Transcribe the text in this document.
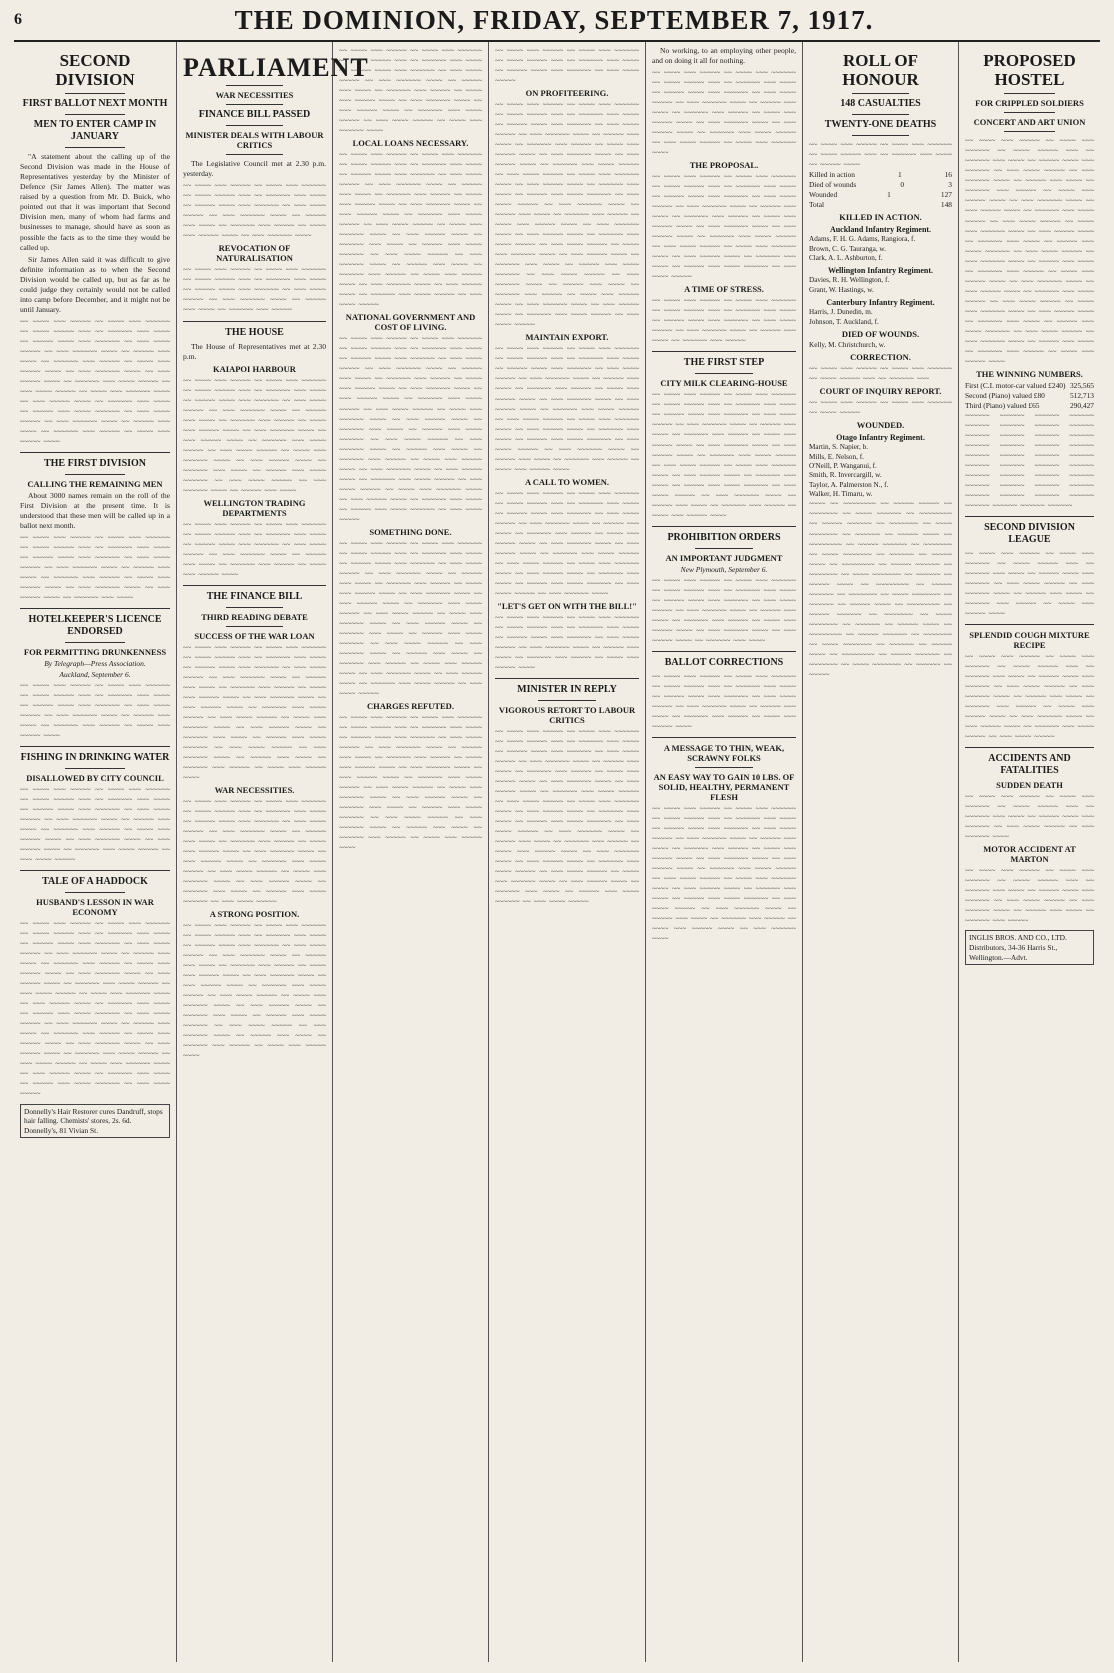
6	THE DOMINION, FRIDAY, SEPTEMBER 7, 1917.
SECOND DIVISION
FIRST BALLOT NEXT MONTH
MEN TO ENTER CAMP IN JANUARY

"A statement about the calling up of the Second Division was made in the House of Representatives yesterday by the Minister of Defence (Sir James Allen). The matter was raised by a question from Mr. D. Buick, who pointed out that it was important that Second Division men, many of whom had farms and businesses to manage, should have as soon as possible the facts as to the time they would be called up.

Sir James Allen said it was difficult to give definite information as to when the Second Division would be called up, but as far as he could judge they certainly would not be called into camp before December, and it might not be until January.

~~ ~~~~ ~~~ ~~~~~ ~~ ~~~~ ~~~ ~~~~~~ ~~ ~~~~ ~~~~~ ~~~ ~~ ~~~~~~ ~~~ ~~~~ ~~ ~~~~~ ~~~~ ~~~ ~~~~~~ ~~ ~~~ ~~~~ ~~~~~ ~~ ~~~ ~~~~~~ ~~~~ ~~ ~~~~~ ~~~ ~~~~ ~~ ~~~~~~ ~~~ ~~~~~ ~~ ~~~~ ~~~ ~~~~~ ~~~~ ~~ ~~~ ~~~~~~ ~~~~ ~~ ~~~ ~~~~~ ~~~~ ~~ ~~~~~~ ~~~ ~~~~ ~~~~~ ~~ ~~~ ~~~~ ~~~~~ ~~ ~~~~ ~~~ ~~~~~~ ~~~~ ~~ ~~~ ~~~~~ ~~~~ ~~ ~~~~~~ ~~~ ~~~~ ~~ ~~~~~ ~~~ ~~~~ ~~~~~~ ~~ ~~~ ~~~~ ~~~~~ ~~ ~~~ ~~~~~~ ~~~~ ~~ ~~~~~ ~~~ ~~~~ ~~ ~~~~~~ ~~~ ~~~~~ ~~ ~~~~ ~~~ ~~~~~ ~~~~
THE FIRST DIVISION
CALLING THE REMAINING MEN

About 3000 names remain on the roll of the First Division at the present time. It is understood that these men will be called up in a ballot next month.

~~ ~~~~ ~~~ ~~~~~ ~~ ~~~~ ~~~ ~~~~~~ ~~ ~~~~ ~~~~~ ~~~ ~~ ~~~~~~ ~~~ ~~~~ ~~ ~~~~~ ~~~~ ~~~ ~~~~~~ ~~ ~~~ ~~~~ ~~~~~ ~~ ~~~ ~~~~~~ ~~~~ ~~ ~~~~~ ~~~ ~~~~ ~~ ~~~~~~ ~~~ ~~~~~ ~~ ~~~~ ~~~ ~~~~~ ~~~~ ~~ ~~~ ~~~~~~ ~~~~ ~~ ~~~ ~~~~~ ~~~~ ~~ ~~~~~~ ~~~ ~~~~
HOTELKEEPER'S LICENCE ENDORSED
FOR PERMITTING DRUNKENNESS
By Telegraph—Press Association.
Auckland, September 6.
~~ ~~~~ ~~~ ~~~~~ ~~ ~~~~ ~~~ ~~~~~~ ~~ ~~~~ ~~~~~ ~~~ ~~ ~~~~~~ ~~~ ~~~~ ~~ ~~~~~ ~~~~ ~~~ ~~~~~~ ~~ ~~~ ~~~~ ~~~~~ ~~ ~~~ ~~~~~~ ~~~~ ~~ ~~~~~ ~~~ ~~~~ ~~ ~~~~~~ ~~~ ~~~~~ ~~ ~~~~ ~~~ ~~~~~ ~~~~
FISHING IN DRINKING WATER
DISALLOWED BY CITY COUNCIL
~~ ~~~~ ~~~ ~~~~~ ~~ ~~~~ ~~~ ~~~~~~ ~~ ~~~~ ~~~~~ ~~~ ~~ ~~~~~~ ~~~ ~~~~ ~~ ~~~~~ ~~~~ ~~~ ~~~~~~ ~~ ~~~ ~~~~ ~~~~~ ~~ ~~~ ~~~~~~ ~~~~ ~~ ~~~~~ ~~~ ~~~~ ~~ ~~~~~~ ~~~ ~~~~~ ~~ ~~~~ ~~~ ~~~~~ ~~~~ ~~ ~~~ ~~~~~~ ~~~~ ~~ ~~~ ~~~~~ ~~~~ ~~ ~~~~~~ ~~~ ~~~~ ~~~~~ ~~ ~~~ ~~~~ ~~~~~
TALE OF A HADDOCK
HUSBAND'S LESSON IN WAR ECONOMY
~~ ~~~~ ~~~ ~~~~~ ~~ ~~~~ ~~~ ~~~~~~ ~~ ~~~~ ~~~~~ ~~~ ~~ ~~~~~~ ~~~ ~~~~ ~~ ~~~~~ ~~~~ ~~~ ~~~~~~ ~~ ~~~ ~~~~ ~~~~~ ~~ ~~~ ~~~~~~ ~~~~ ~~ ~~~~~ ~~~ ~~~~ ~~ ~~~~~~ ~~~ ~~~~~ ~~ ~~~~ ~~~ ~~~~~ ~~~~ ~~ ~~~ ~~~~~~ ~~~~ ~~ ~~~ ~~~~~ ~~~~ ~~ ~~~~~~ ~~~ ~~~~ ~~~~~ ~~ ~~~ ~~~~ ~~~~~ ~~ ~~~~ ~~~ ~~~~~~ ~~~~ ~~ ~~~ ~~~~~ ~~~~ ~~ ~~~~~~ ~~~ ~~~~ ~~ ~~~~~ ~~~ ~~~~ ~~~~~~ ~~ ~~~ ~~~~ ~~~~~ ~~ ~~~ ~~~~~~ ~~~~ ~~ ~~~~~ ~~~ ~~~~ ~~ ~~~~~~ ~~~ ~~~~~ ~~ ~~~~ ~~~ ~~~~~ ~~~~ ~~ ~~~ ~~~~~~ ~~~~ ~~ ~~~ ~~~~~ ~~~~ ~~ ~~~~~~ ~~~ ~~~~ ~~~~~ ~~ ~~~ ~~~~ ~~~~~ ~~ ~~~~ ~~~ ~~~~~~ ~~~~ ~~ ~~~ ~~~~~ ~~~~ ~~ ~~~~~~ ~~~ ~~~~ ~~ ~~~~~ ~~~ ~~~~ ~~~~~~ ~~ ~~~ ~~~~ ~~~~~
Donnelly's Hair Restorer cures Dandruff, stops hair falling. Chemists' stores, 2s. 6d. Donnelly's, 81 Vivian St.
PARLIAMENT
WAR NECESSITIES
FINANCE BILL PASSED
MINISTER DEALS WITH LABOUR CRITICS

The Legislative Council met at 2.30 p.m. yesterday.

~~ ~~~~ ~~~ ~~~~~ ~~ ~~~~ ~~~ ~~~~~~ ~~ ~~~~ ~~~~~ ~~~ ~~ ~~~~~~ ~~~ ~~~~ ~~ ~~~~~ ~~~~ ~~~ ~~~~~~ ~~ ~~~ ~~~~ ~~~~~ ~~ ~~~ ~~~~~~ ~~~~ ~~ ~~~~~ ~~~ ~~~~ ~~ ~~~~~~ ~~~ ~~~~~ ~~ ~~~~ ~~~ ~~~~~ ~~~~ ~~ ~~~ ~~~~~~ ~~~~
REVOCATION OF NATURALISATION
~~ ~~~~ ~~~ ~~~~~ ~~ ~~~~ ~~~ ~~~~~~ ~~ ~~~~ ~~~~~ ~~~ ~~ ~~~~~~ ~~~ ~~~~ ~~ ~~~~~ ~~~~ ~~~ ~~~~~~ ~~ ~~~ ~~~~ ~~~~~ ~~ ~~~ ~~~~~~ ~~~~ ~~ ~~~~~ ~~~ ~~~~ ~~ ~~~~~~ ~~~ ~~~~~
THE HOUSE

The House of Representatives met at 2.30 p.m.

KAIAPOI HARBOUR
~~ ~~~~ ~~~ ~~~~~ ~~ ~~~~ ~~~ ~~~~~~ ~~ ~~~~ ~~~~~ ~~~ ~~ ~~~~~~ ~~~ ~~~~ ~~ ~~~~~ ~~~~ ~~~ ~~~~~~ ~~ ~~~ ~~~~ ~~~~~ ~~ ~~~ ~~~~~~ ~~~~ ~~ ~~~~~ ~~~ ~~~~ ~~ ~~~~~~ ~~~ ~~~~~ ~~ ~~~~ ~~~ ~~~~~ ~~~~ ~~ ~~~ ~~~~~~ ~~~~ ~~ ~~~ ~~~~~ ~~~~ ~~ ~~~~~~ ~~~ ~~~~ ~~~~~ ~~ ~~~ ~~~~ ~~~~~ ~~ ~~~~ ~~~ ~~~~~~ ~~~~ ~~ ~~~ ~~~~~ ~~~~ ~~ ~~~~~~ ~~~ ~~~~ ~~ ~~~~~ ~~~ ~~~~ ~~~~~~ ~~ ~~~ ~~~~ ~~~~~ ~~ ~~~ ~~~~~~ ~~~~ ~~ ~~~~~ ~~~ ~~~~
WELLINGTON TRADING DEPARTMENTS
~~ ~~~~ ~~~ ~~~~~ ~~ ~~~~ ~~~ ~~~~~~ ~~ ~~~~ ~~~~~ ~~~ ~~ ~~~~~~ ~~~ ~~~~ ~~ ~~~~~ ~~~~ ~~~ ~~~~~~ ~~ ~~~ ~~~~ ~~~~~ ~~ ~~~ ~~~~~~ ~~~~ ~~ ~~~~~ ~~~ ~~~~ ~~ ~~~~~~ ~~~ ~~~~~ ~~ ~~~~ ~~~ ~~~~~ ~~~~
THE FINANCE BILL
THIRD READING DEBATE
SUCCESS OF THE WAR LOAN
~~ ~~~~ ~~~ ~~~~~ ~~ ~~~~ ~~~ ~~~~~~ ~~ ~~~~ ~~~~~ ~~~ ~~ ~~~~~~ ~~~ ~~~~ ~~ ~~~~~ ~~~~ ~~~ ~~~~~~ ~~ ~~~ ~~~~ ~~~~~ ~~ ~~~ ~~~~~~ ~~~~ ~~ ~~~~~ ~~~ ~~~~ ~~ ~~~~~~ ~~~ ~~~~~ ~~ ~~~~ ~~~ ~~~~~ ~~~~ ~~ ~~~ ~~~~~~ ~~~~ ~~ ~~~ ~~~~~ ~~~~ ~~ ~~~~~~ ~~~ ~~~~ ~~~~~ ~~ ~~~ ~~~~ ~~~~~ ~~ ~~~~ ~~~ ~~~~~~ ~~~~ ~~ ~~~ ~~~~~ ~~~~ ~~ ~~~~~~ ~~~ ~~~~ ~~ ~~~~~ ~~~ ~~~~ ~~~~~~ ~~ ~~~ ~~~~ ~~~~~ ~~ ~~~ ~~~~~~ ~~~~ ~~ ~~~~~ ~~~ ~~~~ ~~ ~~~~~~ ~~~ ~~~~~ ~~ ~~~~ ~~~ ~~~~~ ~~~~
WAR NECESSITIES.
~~ ~~~~ ~~~ ~~~~~ ~~ ~~~~ ~~~ ~~~~~~ ~~ ~~~~ ~~~~~ ~~~ ~~ ~~~~~~ ~~~ ~~~~ ~~ ~~~~~ ~~~~ ~~~ ~~~~~~ ~~ ~~~ ~~~~ ~~~~~ ~~ ~~~ ~~~~~~ ~~~~ ~~ ~~~~~ ~~~ ~~~~ ~~ ~~~~~~ ~~~ ~~~~~ ~~ ~~~~ ~~~ ~~~~~ ~~~~ ~~ ~~~ ~~~~~~ ~~~~ ~~ ~~~ ~~~~~ ~~~~ ~~ ~~~~~~ ~~~ ~~~~ ~~~~~ ~~ ~~~ ~~~~ ~~~~~ ~~ ~~~~ ~~~ ~~~~~~ ~~~~ ~~ ~~~ ~~~~~ ~~~~ ~~ ~~~~~~ ~~~ ~~~~ ~~ ~~~~~ ~~~ ~~~~ ~~~~~~ ~~ ~~~ ~~~~ ~~~~~
A STRONG POSITION.
~~ ~~~~ ~~~ ~~~~~ ~~ ~~~~ ~~~ ~~~~~~ ~~ ~~~~ ~~~~~ ~~~ ~~ ~~~~~~ ~~~ ~~~~ ~~ ~~~~~ ~~~~ ~~~ ~~~~~~ ~~ ~~~ ~~~~ ~~~~~ ~~ ~~~ ~~~~~~ ~~~~ ~~ ~~~~~ ~~~ ~~~~ ~~ ~~~~~~ ~~~ ~~~~~ ~~ ~~~~ ~~~ ~~~~~ ~~~~ ~~ ~~~ ~~~~~~ ~~~~ ~~ ~~~ ~~~~~ ~~~~ ~~ ~~~~~~ ~~~ ~~~~ ~~~~~ ~~ ~~~ ~~~~ ~~~~~ ~~ ~~~~ ~~~ ~~~~~~ ~~~~ ~~ ~~~ ~~~~~ ~~~~ ~~ ~~~~~~ ~~~ ~~~~ ~~ ~~~~~ ~~~ ~~~~ ~~~~~~ ~~ ~~~ ~~~~ ~~~~~ ~~ ~~~ ~~~~~~ ~~~~ ~~ ~~~~~ ~~~ ~~~~ ~~ ~~~~~~ ~~~ ~~~~~ ~~ ~~~~ ~~~ ~~~~~ ~~~~
~~ ~~~~ ~~~ ~~~~~ ~~ ~~~~ ~~~ ~~~~~~ ~~ ~~~~ ~~~~~ ~~~ ~~ ~~~~~~ ~~~ ~~~~ ~~ ~~~~~ ~~~~ ~~~ ~~~~~~ ~~ ~~~ ~~~~ ~~~~~ ~~ ~~~ ~~~~~~ ~~~~ ~~ ~~~~~ ~~~ ~~~~ ~~ ~~~~~~ ~~~ ~~~~~ ~~ ~~~~ ~~~ ~~~~~ ~~~~ ~~ ~~~ ~~~~~~ ~~~~ ~~ ~~~ ~~~~~ ~~~~ ~~ ~~~~~~ ~~~ ~~~~ ~~~~~ ~~ ~~~ ~~~~ ~~~~~ ~~ ~~~~ ~~~ ~~~~~~ ~~~~
LOCAL LOANS NECESSARY.
~~ ~~~~ ~~~ ~~~~~ ~~ ~~~~ ~~~ ~~~~~~ ~~ ~~~~ ~~~~~ ~~~ ~~ ~~~~~~ ~~~ ~~~~ ~~ ~~~~~ ~~~~ ~~~ ~~~~~~ ~~ ~~~ ~~~~ ~~~~~ ~~ ~~~ ~~~~~~ ~~~~ ~~ ~~~~~ ~~~ ~~~~ ~~ ~~~~~~ ~~~ ~~~~~ ~~ ~~~~ ~~~ ~~~~~ ~~~~ ~~ ~~~ ~~~~~~ ~~~~ ~~ ~~~ ~~~~~ ~~~~ ~~ ~~~~~~ ~~~ ~~~~ ~~~~~ ~~ ~~~ ~~~~ ~~~~~ ~~ ~~~~ ~~~ ~~~~~~ ~~~~ ~~ ~~~ ~~~~~ ~~~~ ~~ ~~~~~~ ~~~ ~~~~ ~~ ~~~~~ ~~~ ~~~~ ~~~~~~ ~~ ~~~ ~~~~ ~~~~~ ~~ ~~~ ~~~~~~ ~~~~ ~~ ~~~~~ ~~~ ~~~~ ~~ ~~~~~~ ~~~ ~~~~~ ~~ ~~~~ ~~~ ~~~~~ ~~~~ ~~ ~~~ ~~~~~~ ~~~~ ~~ ~~~ ~~~~~ ~~~~ ~~ ~~~~~~ ~~~ ~~~~ ~~~~~ ~~ ~~~ ~~~~ ~~~~~
NATIONAL GOVERNMENT AND COST OF LIVING.
~~ ~~~~ ~~~ ~~~~~ ~~ ~~~~ ~~~ ~~~~~~ ~~ ~~~~ ~~~~~ ~~~ ~~ ~~~~~~ ~~~ ~~~~ ~~ ~~~~~ ~~~~ ~~~ ~~~~~~ ~~ ~~~ ~~~~ ~~~~~ ~~ ~~~ ~~~~~~ ~~~~ ~~ ~~~~~ ~~~ ~~~~ ~~ ~~~~~~ ~~~ ~~~~~ ~~ ~~~~ ~~~ ~~~~~ ~~~~ ~~ ~~~ ~~~~~~ ~~~~ ~~ ~~~ ~~~~~ ~~~~ ~~ ~~~~~~ ~~~ ~~~~ ~~~~~ ~~ ~~~ ~~~~ ~~~~~ ~~ ~~~~ ~~~ ~~~~~~ ~~~~ ~~ ~~~ ~~~~~ ~~~~ ~~ ~~~~~~ ~~~ ~~~~ ~~ ~~~~~ ~~~ ~~~~ ~~~~~~ ~~ ~~~ ~~~~ ~~~~~ ~~ ~~~ ~~~~~~ ~~~~ ~~ ~~~~~ ~~~ ~~~~ ~~ ~~~~~~ ~~~ ~~~~~ ~~ ~~~~ ~~~ ~~~~~ ~~~~ ~~ ~~~ ~~~~~~ ~~~~ ~~ ~~~ ~~~~~ ~~~~ ~~ ~~~~~~ ~~~ ~~~~ ~~~~~ ~~ ~~~ ~~~~ ~~~~~ ~~ ~~~~ ~~~ ~~~~~~ ~~~~ ~~ ~~~ ~~~~~ ~~~~ ~~ ~~~~~~ ~~~ ~~~~ ~~ ~~~~~ ~~~ ~~~~ ~~~~~~ ~~ ~~~ ~~~~ ~~~~~
SOMETHING DONE.
~~ ~~~~ ~~~ ~~~~~ ~~ ~~~~ ~~~ ~~~~~~ ~~ ~~~~ ~~~~~ ~~~ ~~ ~~~~~~ ~~~ ~~~~ ~~ ~~~~~ ~~~~ ~~~ ~~~~~~ ~~ ~~~ ~~~~ ~~~~~ ~~ ~~~ ~~~~~~ ~~~~ ~~ ~~~~~ ~~~ ~~~~ ~~ ~~~~~~ ~~~ ~~~~~ ~~ ~~~~ ~~~ ~~~~~ ~~~~ ~~ ~~~ ~~~~~~ ~~~~ ~~ ~~~ ~~~~~ ~~~~ ~~ ~~~~~~ ~~~ ~~~~ ~~~~~ ~~ ~~~ ~~~~ ~~~~~ ~~ ~~~~ ~~~ ~~~~~~ ~~~~ ~~ ~~~ ~~~~~ ~~~~ ~~ ~~~~~~ ~~~ ~~~~ ~~ ~~~~~ ~~~ ~~~~ ~~~~~~ ~~ ~~~ ~~~~ ~~~~~ ~~ ~~~ ~~~~~~ ~~~~ ~~ ~~~~~ ~~~ ~~~~ ~~ ~~~~~~ ~~~ ~~~~~ ~~ ~~~~ ~~~ ~~~~~ ~~~~ ~~ ~~~ ~~~~~~ ~~~~ ~~ ~~~ ~~~~~ ~~~~ ~~ ~~~~~~ ~~~ ~~~~ ~~~~~ ~~ ~~~ ~~~~ ~~~~~
CHARGES REFUTED.
~~ ~~~~ ~~~ ~~~~~ ~~ ~~~~ ~~~ ~~~~~~ ~~ ~~~~ ~~~~~ ~~~ ~~ ~~~~~~ ~~~ ~~~~ ~~ ~~~~~ ~~~~ ~~~ ~~~~~~ ~~ ~~~ ~~~~ ~~~~~ ~~ ~~~ ~~~~~~ ~~~~ ~~ ~~~~~ ~~~ ~~~~ ~~ ~~~~~~ ~~~ ~~~~~ ~~ ~~~~ ~~~ ~~~~~ ~~~~ ~~ ~~~ ~~~~~~ ~~~~ ~~ ~~~ ~~~~~ ~~~~ ~~ ~~~~~~ ~~~ ~~~~ ~~~~~ ~~ ~~~ ~~~~ ~~~~~ ~~ ~~~~ ~~~ ~~~~~~ ~~~~ ~~ ~~~ ~~~~~ ~~~~ ~~ ~~~~~~ ~~~ ~~~~ ~~ ~~~~~ ~~~ ~~~~ ~~~~~~ ~~ ~~~ ~~~~ ~~~~~ ~~ ~~~ ~~~~~~ ~~~~ ~~ ~~~~~ ~~~ ~~~~ ~~ ~~~~~~ ~~~ ~~~~~ ~~ ~~~~ ~~~ ~~~~~ ~~~~
~~ ~~~~ ~~~ ~~~~~ ~~ ~~~~ ~~~ ~~~~~~ ~~ ~~~~ ~~~~~ ~~~ ~~ ~~~~~~ ~~~ ~~~~ ~~ ~~~~~ ~~~~ ~~~ ~~~~~~ ~~ ~~~ ~~~~ ~~~~~
ON PROFITEERING.
~~ ~~~~ ~~~ ~~~~~ ~~ ~~~~ ~~~ ~~~~~~ ~~ ~~~~ ~~~~~ ~~~ ~~ ~~~~~~ ~~~ ~~~~ ~~ ~~~~~ ~~~~ ~~~ ~~~~~~ ~~ ~~~ ~~~~ ~~~~~ ~~ ~~~ ~~~~~~ ~~~~ ~~ ~~~~~ ~~~ ~~~~ ~~ ~~~~~~ ~~~ ~~~~~ ~~ ~~~~ ~~~ ~~~~~ ~~~~ ~~ ~~~ ~~~~~~ ~~~~ ~~ ~~~ ~~~~~ ~~~~ ~~ ~~~~~~ ~~~ ~~~~ ~~~~~ ~~ ~~~ ~~~~ ~~~~~ ~~ ~~~~ ~~~ ~~~~~~ ~~~~ ~~ ~~~ ~~~~~ ~~~~ ~~ ~~~~~~ ~~~ ~~~~ ~~ ~~~~~ ~~~ ~~~~ ~~~~~~ ~~ ~~~ ~~~~ ~~~~~ ~~ ~~~ ~~~~~~ ~~~~ ~~ ~~~~~ ~~~ ~~~~ ~~ ~~~~~~ ~~~ ~~~~~ ~~ ~~~~ ~~~ ~~~~~ ~~~~ ~~ ~~~ ~~~~~~ ~~~~ ~~ ~~~ ~~~~~ ~~~~ ~~ ~~~~~~ ~~~ ~~~~ ~~~~~ ~~ ~~~ ~~~~ ~~~~~ ~~ ~~~~ ~~~ ~~~~~~ ~~~~ ~~ ~~~ ~~~~~ ~~~~ ~~ ~~~~~~ ~~~ ~~~~ ~~ ~~~~~ ~~~ ~~~~ ~~~~~~ ~~ ~~~ ~~~~ ~~~~~ ~~ ~~~ ~~~~~~ ~~~~ ~~ ~~~~~ ~~~ ~~~~ ~~ ~~~~~~ ~~~ ~~~~~ ~~ ~~~~ ~~~ ~~~~~ ~~~~ ~~ ~~~ ~~~~~~ ~~~~ ~~ ~~~ ~~~~~ ~~~~ ~~ ~~~~~~ ~~~ ~~~~ ~~~~~ ~~ ~~~ ~~~~ ~~~~~
MAINTAIN EXPORT.
~~ ~~~~ ~~~ ~~~~~ ~~ ~~~~ ~~~ ~~~~~~ ~~ ~~~~ ~~~~~ ~~~ ~~ ~~~~~~ ~~~ ~~~~ ~~ ~~~~~ ~~~~ ~~~ ~~~~~~ ~~ ~~~ ~~~~ ~~~~~ ~~ ~~~ ~~~~~~ ~~~~ ~~ ~~~~~ ~~~ ~~~~ ~~ ~~~~~~ ~~~ ~~~~~ ~~ ~~~~ ~~~ ~~~~~ ~~~~ ~~ ~~~ ~~~~~~ ~~~~ ~~ ~~~ ~~~~~ ~~~~ ~~ ~~~~~~ ~~~ ~~~~ ~~~~~ ~~ ~~~ ~~~~ ~~~~~ ~~ ~~~~ ~~~ ~~~~~~ ~~~~ ~~ ~~~ ~~~~~ ~~~~ ~~ ~~~~~~ ~~~ ~~~~ ~~ ~~~~~ ~~~ ~~~~ ~~~~~~ ~~ ~~~ ~~~~ ~~~~~ ~~ ~~~ ~~~~~~ ~~~~ ~~ ~~~~~ ~~~ ~~~~ ~~ ~~~~~~ ~~~ ~~~~~ ~~ ~~~~ ~~~ ~~~~~ ~~~~
A CALL TO WOMEN.
~~ ~~~~ ~~~ ~~~~~ ~~ ~~~~ ~~~ ~~~~~~ ~~ ~~~~ ~~~~~ ~~~ ~~ ~~~~~~ ~~~ ~~~~ ~~ ~~~~~ ~~~~ ~~~ ~~~~~~ ~~ ~~~ ~~~~ ~~~~~ ~~ ~~~ ~~~~~~ ~~~~ ~~ ~~~~~ ~~~ ~~~~ ~~ ~~~~~~ ~~~ ~~~~~ ~~ ~~~~ ~~~ ~~~~~ ~~~~ ~~ ~~~ ~~~~~~ ~~~~ ~~ ~~~ ~~~~~ ~~~~ ~~ ~~~~~~ ~~~ ~~~~ ~~~~~ ~~ ~~~ ~~~~ ~~~~~ ~~ ~~~~ ~~~ ~~~~~~ ~~~~ ~~ ~~~ ~~~~~ ~~~~ ~~ ~~~~~~ ~~~ ~~~~ ~~ ~~~~~ ~~~ ~~~~ ~~~~~~ ~~ ~~~ ~~~~ ~~~~~ ~~ ~~~ ~~~~~~ ~~~~
"LET'S GET ON WITH THE BILL!"
~~ ~~~~ ~~~ ~~~~~ ~~ ~~~~ ~~~ ~~~~~~ ~~ ~~~~ ~~~~~ ~~~ ~~ ~~~~~~ ~~~ ~~~~ ~~ ~~~~~ ~~~~ ~~~ ~~~~~~ ~~ ~~~ ~~~~ ~~~~~ ~~ ~~~ ~~~~~~ ~~~~ ~~ ~~~~~ ~~~ ~~~~ ~~ ~~~~~~ ~~~ ~~~~~ ~~ ~~~~ ~~~ ~~~~~ ~~~~
MINISTER IN REPLY
VIGOROUS RETORT TO LABOUR CRITICS
~~ ~~~~ ~~~ ~~~~~ ~~ ~~~~ ~~~ ~~~~~~ ~~ ~~~~ ~~~~~ ~~~ ~~ ~~~~~~ ~~~ ~~~~ ~~ ~~~~~ ~~~~ ~~~ ~~~~~~ ~~ ~~~ ~~~~ ~~~~~ ~~ ~~~ ~~~~~~ ~~~~ ~~ ~~~~~ ~~~ ~~~~ ~~ ~~~~~~ ~~~ ~~~~~ ~~ ~~~~ ~~~ ~~~~~ ~~~~ ~~ ~~~ ~~~~~~ ~~~~ ~~ ~~~ ~~~~~ ~~~~ ~~ ~~~~~~ ~~~ ~~~~ ~~~~~ ~~ ~~~ ~~~~ ~~~~~ ~~ ~~~~ ~~~ ~~~~~~ ~~~~ ~~ ~~~ ~~~~~ ~~~~ ~~ ~~~~~~ ~~~ ~~~~ ~~ ~~~~~ ~~~ ~~~~ ~~~~~~ ~~ ~~~ ~~~~ ~~~~~ ~~ ~~~ ~~~~~~ ~~~~ ~~ ~~~~~ ~~~ ~~~~ ~~ ~~~~~~ ~~~ ~~~~~ ~~ ~~~~ ~~~ ~~~~~ ~~~~ ~~ ~~~ ~~~~~~ ~~~~ ~~ ~~~ ~~~~~ ~~~~ ~~ ~~~~~~ ~~~ ~~~~ ~~~~~ ~~ ~~~ ~~~~ ~~~~~ ~~ ~~~~ ~~~ ~~~~~~ ~~~~ ~~ ~~~ ~~~~~ ~~~~ ~~ ~~~~~~ ~~~ ~~~~ ~~ ~~~~~ ~~~ ~~~~ ~~~~~~ ~~ ~~~ ~~~~ ~~~~~

No working, to an employing other people, and on doing it all for nothing.

~~ ~~~~ ~~~ ~~~~~ ~~ ~~~~ ~~~ ~~~~~~ ~~ ~~~~ ~~~~~ ~~~ ~~ ~~~~~~ ~~~ ~~~~ ~~ ~~~~~ ~~~~ ~~~ ~~~~~~ ~~ ~~~ ~~~~ ~~~~~ ~~ ~~~ ~~~~~~ ~~~~ ~~ ~~~~~ ~~~ ~~~~ ~~ ~~~~~~ ~~~ ~~~~~ ~~ ~~~~ ~~~ ~~~~~ ~~~~ ~~ ~~~ ~~~~~~ ~~~~ ~~ ~~~ ~~~~~ ~~~~ ~~ ~~~~~~ ~~~ ~~~~ ~~~~~ ~~ ~~~ ~~~~ ~~~~~ ~~ ~~~~ ~~~ ~~~~~~ ~~~~
THE PROPOSAL.
~~ ~~~~ ~~~ ~~~~~ ~~ ~~~~ ~~~ ~~~~~~ ~~ ~~~~ ~~~~~ ~~~ ~~ ~~~~~~ ~~~ ~~~~ ~~ ~~~~~ ~~~~ ~~~ ~~~~~~ ~~ ~~~ ~~~~ ~~~~~ ~~ ~~~ ~~~~~~ ~~~~ ~~ ~~~~~ ~~~ ~~~~ ~~ ~~~~~~ ~~~ ~~~~~ ~~ ~~~~ ~~~ ~~~~~ ~~~~ ~~ ~~~ ~~~~~~ ~~~~ ~~ ~~~ ~~~~~ ~~~~ ~~ ~~~~~~ ~~~ ~~~~ ~~~~~ ~~ ~~~ ~~~~ ~~~~~ ~~ ~~~~ ~~~ ~~~~~~ ~~~~ ~~ ~~~ ~~~~~ ~~~~ ~~ ~~~~~~ ~~~ ~~~~ ~~ ~~~~~ ~~~ ~~~~ ~~~~~~ ~~ ~~~ ~~~~ ~~~~~
A TIME OF STRESS.
~~ ~~~~ ~~~ ~~~~~ ~~ ~~~~ ~~~ ~~~~~~ ~~ ~~~~ ~~~~~ ~~~ ~~ ~~~~~~ ~~~ ~~~~ ~~ ~~~~~ ~~~~ ~~~ ~~~~~~ ~~ ~~~ ~~~~ ~~~~~ ~~ ~~~ ~~~~~~ ~~~~ ~~ ~~~~~ ~~~ ~~~~ ~~ ~~~~~~ ~~~ ~~~~~
THE FIRST STEP
CITY MILK CLEARING-HOUSE
~~ ~~~~ ~~~ ~~~~~ ~~ ~~~~ ~~~ ~~~~~~ ~~ ~~~~ ~~~~~ ~~~ ~~ ~~~~~~ ~~~ ~~~~ ~~ ~~~~~ ~~~~ ~~~ ~~~~~~ ~~ ~~~ ~~~~ ~~~~~ ~~ ~~~ ~~~~~~ ~~~~ ~~ ~~~~~ ~~~ ~~~~ ~~ ~~~~~~ ~~~ ~~~~~ ~~ ~~~~ ~~~ ~~~~~ ~~~~ ~~ ~~~ ~~~~~~ ~~~~ ~~ ~~~ ~~~~~ ~~~~ ~~ ~~~~~~ ~~~ ~~~~ ~~~~~ ~~ ~~~ ~~~~ ~~~~~ ~~ ~~~~ ~~~ ~~~~~~ ~~~~ ~~ ~~~ ~~~~~ ~~~~ ~~ ~~~~~~ ~~~ ~~~~ ~~ ~~~~~ ~~~ ~~~~ ~~~~~~ ~~ ~~~ ~~~~ ~~~~~ ~~ ~~~ ~~~~~~ ~~~~ ~~ ~~~~~ ~~~ ~~~~ ~~ ~~~~~~ ~~~ ~~~~~ ~~ ~~~~ ~~~ ~~~~~ ~~~~
PROHIBITION ORDERS
AN IMPORTANT JUDGMENT
New Plymouth, September 6.
~~ ~~~~ ~~~ ~~~~~ ~~ ~~~~ ~~~ ~~~~~~ ~~ ~~~~ ~~~~~ ~~~ ~~ ~~~~~~ ~~~ ~~~~ ~~ ~~~~~ ~~~~ ~~~ ~~~~~~ ~~ ~~~ ~~~~ ~~~~~ ~~ ~~~ ~~~~~~ ~~~~ ~~ ~~~~~ ~~~ ~~~~ ~~ ~~~~~~ ~~~ ~~~~~ ~~ ~~~~ ~~~ ~~~~~ ~~~~ ~~ ~~~ ~~~~~~ ~~~~ ~~ ~~~ ~~~~~ ~~~~ ~~ ~~~~~~ ~~~ ~~~~
BALLOT CORRECTIONS
~~ ~~~~ ~~~ ~~~~~ ~~ ~~~~ ~~~ ~~~~~~ ~~ ~~~~ ~~~~~ ~~~ ~~ ~~~~~~ ~~~ ~~~~ ~~ ~~~~~ ~~~~ ~~~ ~~~~~~ ~~ ~~~ ~~~~ ~~~~~ ~~ ~~~ ~~~~~~ ~~~~ ~~ ~~~~~ ~~~ ~~~~ ~~ ~~~~~~ ~~~ ~~~~~ ~~ ~~~~ ~~~ ~~~~~ ~~~~
A MESSAGE TO THIN, WEAK, SCRAWNY FOLKS
AN EASY WAY TO GAIN 10 LBS. OF SOLID, HEALTHY, PERMANENT FLESH
~~ ~~~~ ~~~ ~~~~~ ~~ ~~~~ ~~~ ~~~~~~ ~~ ~~~~ ~~~~~ ~~~ ~~ ~~~~~~ ~~~ ~~~~ ~~ ~~~~~ ~~~~ ~~~ ~~~~~~ ~~ ~~~ ~~~~ ~~~~~ ~~ ~~~ ~~~~~~ ~~~~ ~~ ~~~~~ ~~~ ~~~~ ~~ ~~~~~~ ~~~ ~~~~~ ~~ ~~~~ ~~~ ~~~~~ ~~~~ ~~ ~~~ ~~~~~~ ~~~~ ~~ ~~~ ~~~~~ ~~~~ ~~ ~~~~~~ ~~~ ~~~~ ~~~~~ ~~ ~~~ ~~~~ ~~~~~ ~~ ~~~~ ~~~ ~~~~~~ ~~~~ ~~ ~~~ ~~~~~ ~~~~ ~~ ~~~~~~ ~~~ ~~~~ ~~ ~~~~~ ~~~ ~~~~ ~~~~~~ ~~ ~~~ ~~~~ ~~~~~ ~~ ~~~ ~~~~~~ ~~~~ ~~ ~~~~~ ~~~ ~~~~ ~~ ~~~~~~ ~~~ ~~~~~ ~~ ~~~~ ~~~ ~~~~~ ~~~~ ~~ ~~~ ~~~~~~ ~~~~
ROLL OF HONOUR
148 CASUALTIES
TWENTY-ONE DEATHS
~~ ~~~~ ~~~ ~~~~~ ~~ ~~~~ ~~~ ~~~~~~ ~~ ~~~~ ~~~~~ ~~~ ~~ ~~~~~~ ~~~ ~~~~ ~~ ~~~~~ ~~~~
Killed in action	1	16
Died of wounds	0	3
Wounded	1	127
Total	148
KILLED IN ACTION.
Auckland Infantry Regiment.
Adams, F. H. G. Adams, Rangiora, f.
Brown, C. G. Tauranga, w.
Clark, A. L. Ashburton, f.
Wellington Infantry Regiment.
Davies, R. H. Wellington, f.
Grant, W. Hastings, w.
Canterbury Infantry Regiment.
Harris, J. Dunedin, m.
Johnson, T. Auckland, f.
DIED OF WOUNDS.
Kelly, M. Christchurch, w.
CORRECTION.
~~ ~~~~ ~~~ ~~~~~ ~~ ~~~~ ~~~ ~~~~~~ ~~ ~~~~ ~~~~~ ~~~ ~~ ~~~~~~ ~~~
COURT OF INQUIRY REPORT.
~~ ~~~~ ~~~ ~~~~~ ~~ ~~~~ ~~~ ~~~~~~ ~~ ~~~~ ~~~~~
WOUNDED.
Otago Infantry Regiment.
Martin, S. Napier, b.
Mills, E. Nelson, f.
O'Neill, P. Wanganui, f.
Smith, R. Invercargill, w.
Taylor, A. Palmerston N., f.
Walker, H. Timaru, w.
~~~~ ~~ ~~~~~~~~ ~~ ~~~~~ ~~~~~ ~~ ~~~~~~~ ~~ ~~~~ ~~~~~~ ~~ ~~~~~~~~ ~~ ~~~~~ ~~~~~~ ~~ ~~~~~~~ ~~ ~~~~ ~~~~~~~ ~~ ~~~~~~ ~~ ~~~~~ ~~~~ ~~ ~~~~~~~~ ~~ ~~~~~ ~~~~~~ ~~ ~~~~~~~ ~~ ~~~~ ~~~~~~~ ~~ ~~~~~~ ~~ ~~~~~ ~~~~ ~~ ~~~~~~~~ ~~ ~~~~~ ~~~~~~ ~~ ~~~~~~~ ~~ ~~~~ ~~~~~~~ ~~ ~~~~~~ ~~ ~~~~~ ~~~~ ~~ ~~~~~~~~ ~~ ~~~~~ ~~~~~~ ~~ ~~~~~~~ ~~ ~~~~ ~~~~~~~ ~~ ~~~~~~ ~~ ~~~~~ ~~~~ ~~ ~~~~~~~~ ~~ ~~~~~ ~~~~~~ ~~ ~~~~~~~ ~~ ~~~~ ~~~~~~~ ~~ ~~~~~~ ~~ ~~~~~ ~~~~ ~~ ~~~~~~~~ ~~ ~~~~~ ~~~~~~ ~~ ~~~~~~~ ~~ ~~~~ ~~~~~~~ ~~ ~~~~~~ ~~ ~~~~~ ~~~~ ~~ ~~~~~~~~ ~~ ~~~~~ ~~~~~~ ~~ ~~~~~~~ ~~ ~~~~ ~~~~~~~ ~~ ~~~~~~ ~~ ~~~~~
PROPOSED HOSTEL
FOR CRIPPLED SOLDIERS
CONCERT AND ART UNION
~~ ~~~~ ~~~ ~~~~~ ~~ ~~~~ ~~~ ~~~~~~ ~~ ~~~~ ~~~~~ ~~~ ~~ ~~~~~~ ~~~ ~~~~ ~~ ~~~~~ ~~~~ ~~~ ~~~~~~ ~~ ~~~ ~~~~ ~~~~~ ~~ ~~~ ~~~~~~ ~~~~ ~~ ~~~~~ ~~~ ~~~~ ~~ ~~~~~~ ~~~ ~~~~~ ~~ ~~~~ ~~~ ~~~~~ ~~~~ ~~ ~~~ ~~~~~~ ~~~~ ~~ ~~~ ~~~~~ ~~~~ ~~ ~~~~~~ ~~~ ~~~~ ~~~~~ ~~ ~~~ ~~~~ ~~~~~ ~~ ~~~~ ~~~ ~~~~~~ ~~~~ ~~ ~~~ ~~~~~ ~~~~ ~~ ~~~~~~ ~~~ ~~~~ ~~ ~~~~~ ~~~ ~~~~ ~~~~~~ ~~ ~~~ ~~~~ ~~~~~ ~~ ~~~ ~~~~~~ ~~~~ ~~ ~~~~~ ~~~ ~~~~ ~~ ~~~~~~ ~~~ ~~~~~ ~~ ~~~~ ~~~ ~~~~~ ~~~~ ~~ ~~~ ~~~~~~ ~~~~ ~~ ~~~ ~~~~~ ~~~~ ~~ ~~~~~~ ~~~ ~~~~ ~~~~~ ~~ ~~~ ~~~~ ~~~~~ ~~ ~~~~ ~~~ ~~~~~~ ~~~~ ~~ ~~~ ~~~~~ ~~~~ ~~ ~~~~~~ ~~~ ~~~~ ~~ ~~~~~ ~~~ ~~~~ ~~~~~~ ~~ ~~~ ~~~~ ~~~~~ ~~ ~~~ ~~~~~~ ~~~~ ~~ ~~~~~ ~~~ ~~~~ ~~ ~~~~~~ ~~~ ~~~~~ ~~ ~~~~ ~~~ ~~~~~ ~~~~
THE WINNING NUMBERS.
First (C.I. motor-car valued £240) 325,565
Second (Piano) valued £80	512,713
Third (Piano) valued £65	290,427
~~~~~~ ~~~~~~ ~~~~~~ ~~~~~~ ~~~~~~ ~~~~~~ ~~~~~~ ~~~~~~ ~~~~~~ ~~~~~~ ~~~~~~ ~~~~~~ ~~~~~~ ~~~~~~ ~~~~~~ ~~~~~~ ~~~~~~ ~~~~~~ ~~~~~~ ~~~~~~ ~~~~~~ ~~~~~~ ~~~~~~ ~~~~~~ ~~~~~~ ~~~~~~ ~~~~~~ ~~~~~~ ~~~~~~ ~~~~~~ ~~~~~~ ~~~~~~ ~~~~~~ ~~~~~~ ~~~~~~ ~~~~~~ ~~~~~~ ~~~~~~ ~~~~~~ ~~~~~~
SECOND DIVISION LEAGUE
~~ ~~~~ ~~~ ~~~~~ ~~ ~~~~ ~~~ ~~~~~~ ~~ ~~~~ ~~~~~ ~~~ ~~ ~~~~~~ ~~~ ~~~~ ~~ ~~~~~ ~~~~ ~~~ ~~~~~~ ~~ ~~~ ~~~~ ~~~~~ ~~ ~~~ ~~~~~~ ~~~~ ~~ ~~~~~ ~~~ ~~~~ ~~ ~~~~~~ ~~~ ~~~~~ ~~ ~~~~ ~~~ ~~~~~ ~~~~
SPLENDID COUGH MIXTURE RECIPE
~~ ~~~~ ~~~ ~~~~~ ~~ ~~~~ ~~~ ~~~~~~ ~~ ~~~~ ~~~~~ ~~~ ~~ ~~~~~~ ~~~ ~~~~ ~~ ~~~~~ ~~~~ ~~~ ~~~~~~ ~~ ~~~ ~~~~ ~~~~~ ~~ ~~~ ~~~~~~ ~~~~ ~~ ~~~~~ ~~~ ~~~~ ~~ ~~~~~~ ~~~ ~~~~~ ~~ ~~~~ ~~~ ~~~~~ ~~~~ ~~ ~~~ ~~~~~~ ~~~~ ~~ ~~~ ~~~~~ ~~~~ ~~ ~~~~~~ ~~~ ~~~~ ~~~~~ ~~ ~~~ ~~~~ ~~~~~
ACCIDENTS AND FATALITIES
SUDDEN DEATH
~~ ~~~~ ~~~ ~~~~~ ~~ ~~~~ ~~~ ~~~~~~ ~~ ~~~~ ~~~~~ ~~~ ~~ ~~~~~~ ~~~ ~~~~ ~~ ~~~~~ ~~~~ ~~~ ~~~~~~ ~~ ~~~ ~~~~ ~~~~~ ~~ ~~~ ~~~~~~ ~~~~
MOTOR ACCIDENT AT MARTON
~~ ~~~~ ~~~ ~~~~~ ~~ ~~~~ ~~~ ~~~~~~ ~~ ~~~~ ~~~~~ ~~~ ~~ ~~~~~~ ~~~ ~~~~ ~~ ~~~~~ ~~~~ ~~~ ~~~~~~ ~~ ~~~ ~~~~ ~~~~~ ~~ ~~~ ~~~~~~ ~~~~ ~~ ~~~~~ ~~~ ~~~~ ~~ ~~~~~~ ~~~ ~~~~~
INGLIS BROS. AND CO., LTD. Distributors, 34-36 Harris St., Wellington.—Advt.
